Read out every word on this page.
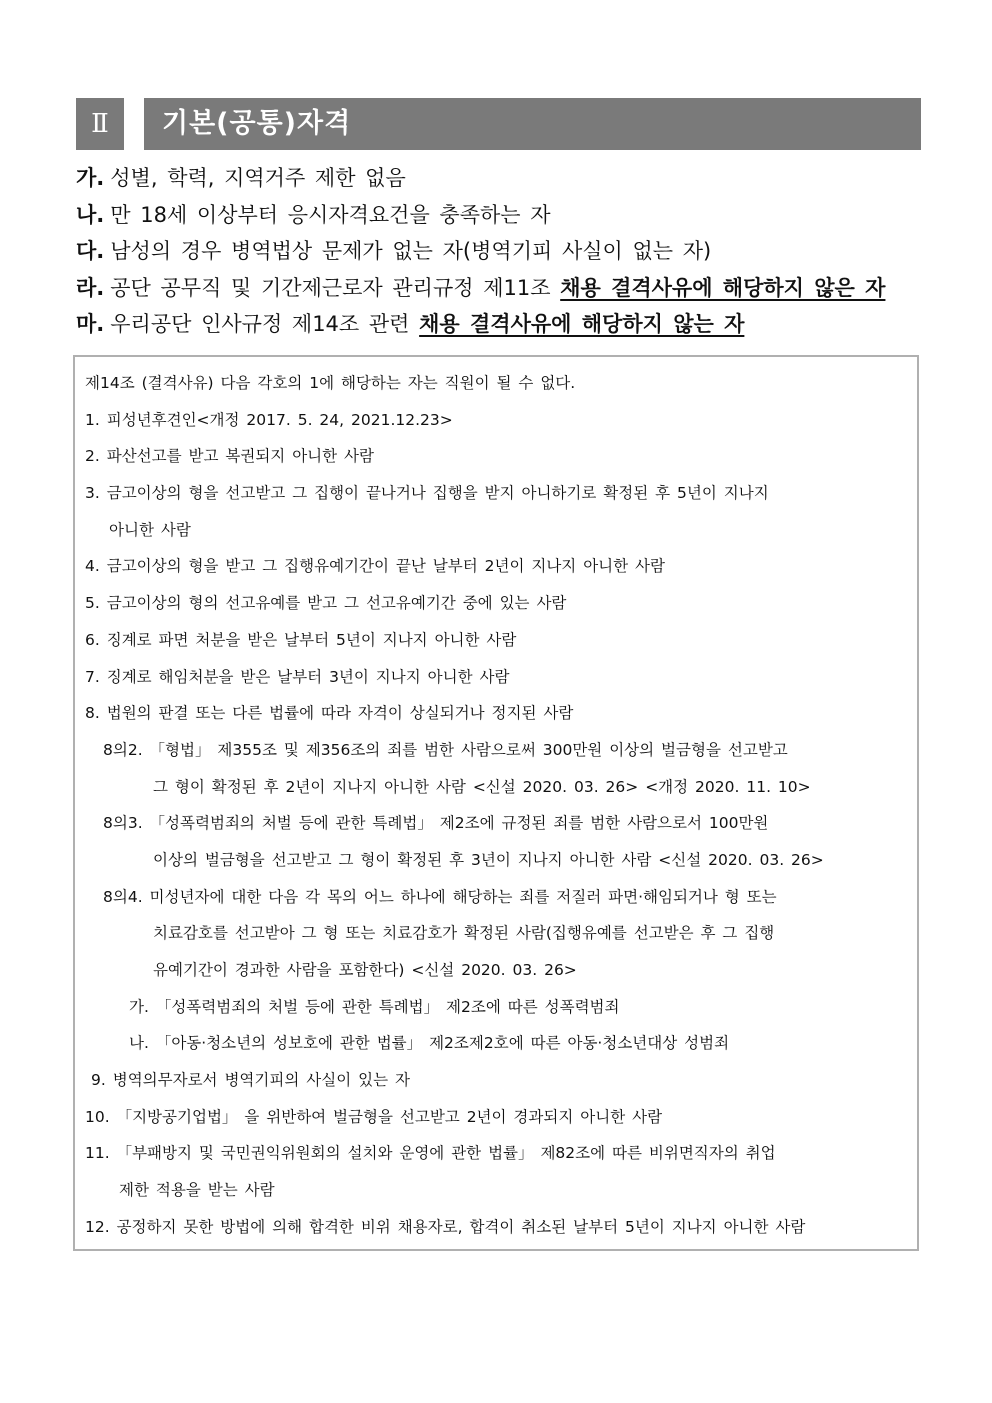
Ⅱ	기본(공통)자격
가. 성별, 학력, 지역거주 제한 없음
나. 만 18세 이상부터 응시자격요건을 충족하는 자
다. 남성의 경우 병역법상 문제가 없는 자(병역기피 사실이 없는 자)
라. 공단 공무직 및 기간제근로자 관리규정 제11조 채용 결격사유에 해당하지 않은 자
마. 우리공단 인사규정 제14조 관련 채용 결격사유에 해당하지 않는 자
제14조 (결격사유) 다음 각호의 1에 해당하는 자는 직원이 될 수 없다.
1. 피성년후견인<개정 2017. 5. 24, 2021.12.23>
2. 파산선고를 받고 복권되지 아니한 사람
3. 금고이상의 형을 선고받고 그 집행이 끝나거나 집행을 받지 아니하기로 확정된 후 5년이 지나지
아니한 사람
4. 금고이상의 형을 받고 그 집행유예기간이 끝난 날부터 2년이 지나지 아니한 사람
5. 금고이상의 형의 선고유예를 받고 그 선고유예기간 중에 있는 사람
6. 징계로 파면 처분을 받은 날부터 5년이 지나지 아니한 사람
7. 징계로 해임처분을 받은 날부터 3년이 지나지 아니한 사람
8. 법원의 판결 또는 다른 법률에 따라 자격이 상실되거나 정지된 사람
8의2. 「형법」 제355조 및 제356조의 죄를 범한 사람으로써 300만원 이상의 벌금형을 선고받고
그 형이 확정된 후 2년이 지나지 아니한 사람 <신설 2020. 03. 26> <개정 2020. 11. 10>
8의3. 「성폭력범죄의 처벌 등에 관한 특례법」 제2조에 규정된 죄를 범한 사람으로서 100만원
이상의 벌금형을 선고받고 그 형이 확정된 후 3년이 지나지 아니한 사람 <신설 2020. 03. 26>
8의4. 미성년자에 대한 다음 각 목의 어느 하나에 해당하는 죄를 저질러 파면·해임되거나 형 또는
치료감호를 선고받아 그 형 또는 치료감호가 확정된 사람(집행유예를 선고받은 후 그 집행
유예기간이 경과한 사람을 포함한다) <신설 2020. 03. 26>
가. 「성폭력범죄의 처벌 등에 관한 특례법」 제2조에 따른 성폭력범죄
나. 「아동·청소년의 성보호에 관한 법률」 제2조제2호에 따른 아동·청소년대상 성범죄
9. 병역의무자로서 병역기피의 사실이 있는 자
10. 「지방공기업법」 을 위반하여 벌금형을 선고받고 2년이 경과되지 아니한 사람
11. 「부패방지 및 국민권익위원회의 설치와 운영에 관한 법률」 제82조에 따른 비위면직자의 취업
제한 적용을 받는 사람
12. 공정하지 못한 방법에 의해 합격한 비위 채용자로, 합격이 취소된 날부터 5년이 지나지 아니한 사람
